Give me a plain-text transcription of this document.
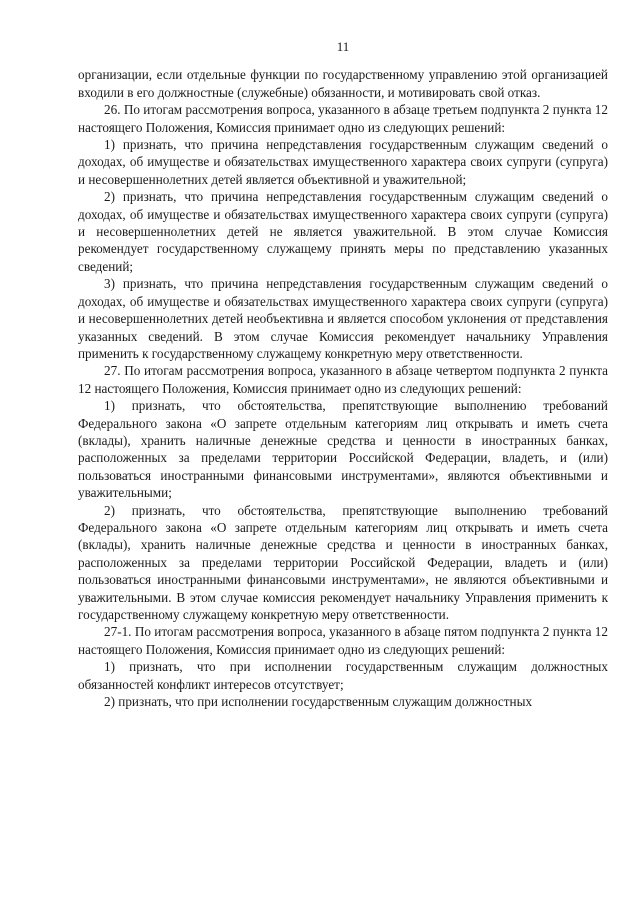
11

организации, если отдельные функции по государственному управлению этой организацией входили в его должностные (служебные) обязанности, и мотивировать свой отказ.

26. По итогам рассмотрения вопроса, указанного в абзаце третьем подпункта 2 пункта 12 настоящего Положения, Комиссия принимает одно из следующих решений:

1) признать, что причина непредставления государственным служащим сведений о доходах, об имуществе и обязательствах имущественного характера своих супруги (супруга) и несовершеннолетних детей является объективной и уважительной;

2) признать, что причина непредставления государственным служащим сведений о доходах, об имуществе и обязательствах имущественного характера своих супруги (супруга) и несовершеннолетних детей не является уважительной. В этом случае Комиссия рекомендует государственному служащему принять меры по представлению указанных сведений;

3) признать, что причина непредставления государственным служащим сведений о доходах, об имуществе и обязательствах имущественного характера своих супруги (супруга) и несовершеннолетних детей необъективна и является способом уклонения от представления указанных сведений. В этом случае Комиссия рекомендует начальнику Управления применить к государственному служащему конкретную меру ответственности.

27. По итогам рассмотрения вопроса, указанного в абзаце четвертом подпункта 2 пункта 12 настоящего Положения, Комиссия принимает одно из следующих решений:

1) признать, что обстоятельства, препятствующие выполнению требований Федерального закона «О запрете отдельным категориям лиц открывать и иметь счета (вклады), хранить наличные денежные средства и ценности в иностранных банках, расположенных за пределами территории Российской Федерации, владеть, и (или) пользоваться иностранными финансовыми инструментами», являются объективными и уважительными;

2) признать, что обстоятельства, препятствующие выполнению требований Федерального закона «О запрете отдельным категориям лиц открывать и иметь счета (вклады), хранить наличные денежные средства и ценности в иностранных банках, расположенных за пределами территории Российской Федерации, владеть и (или) пользоваться иностранными финансовыми инструментами», не являются объективными и уважительными. В этом случае комиссия рекомендует начальнику Управления применить к государственному служащему конкретную меру ответственности.

27-1. По итогам рассмотрения вопроса, указанного в абзаце пятом подпункта 2 пункта 12 настоящего Положения, Комиссия принимает одно из следующих решений:

1) признать, что при исполнении государственным служащим должностных обязанностей конфликт интересов отсутствует;

2) признать, что при исполнении государственным служащим должностных
